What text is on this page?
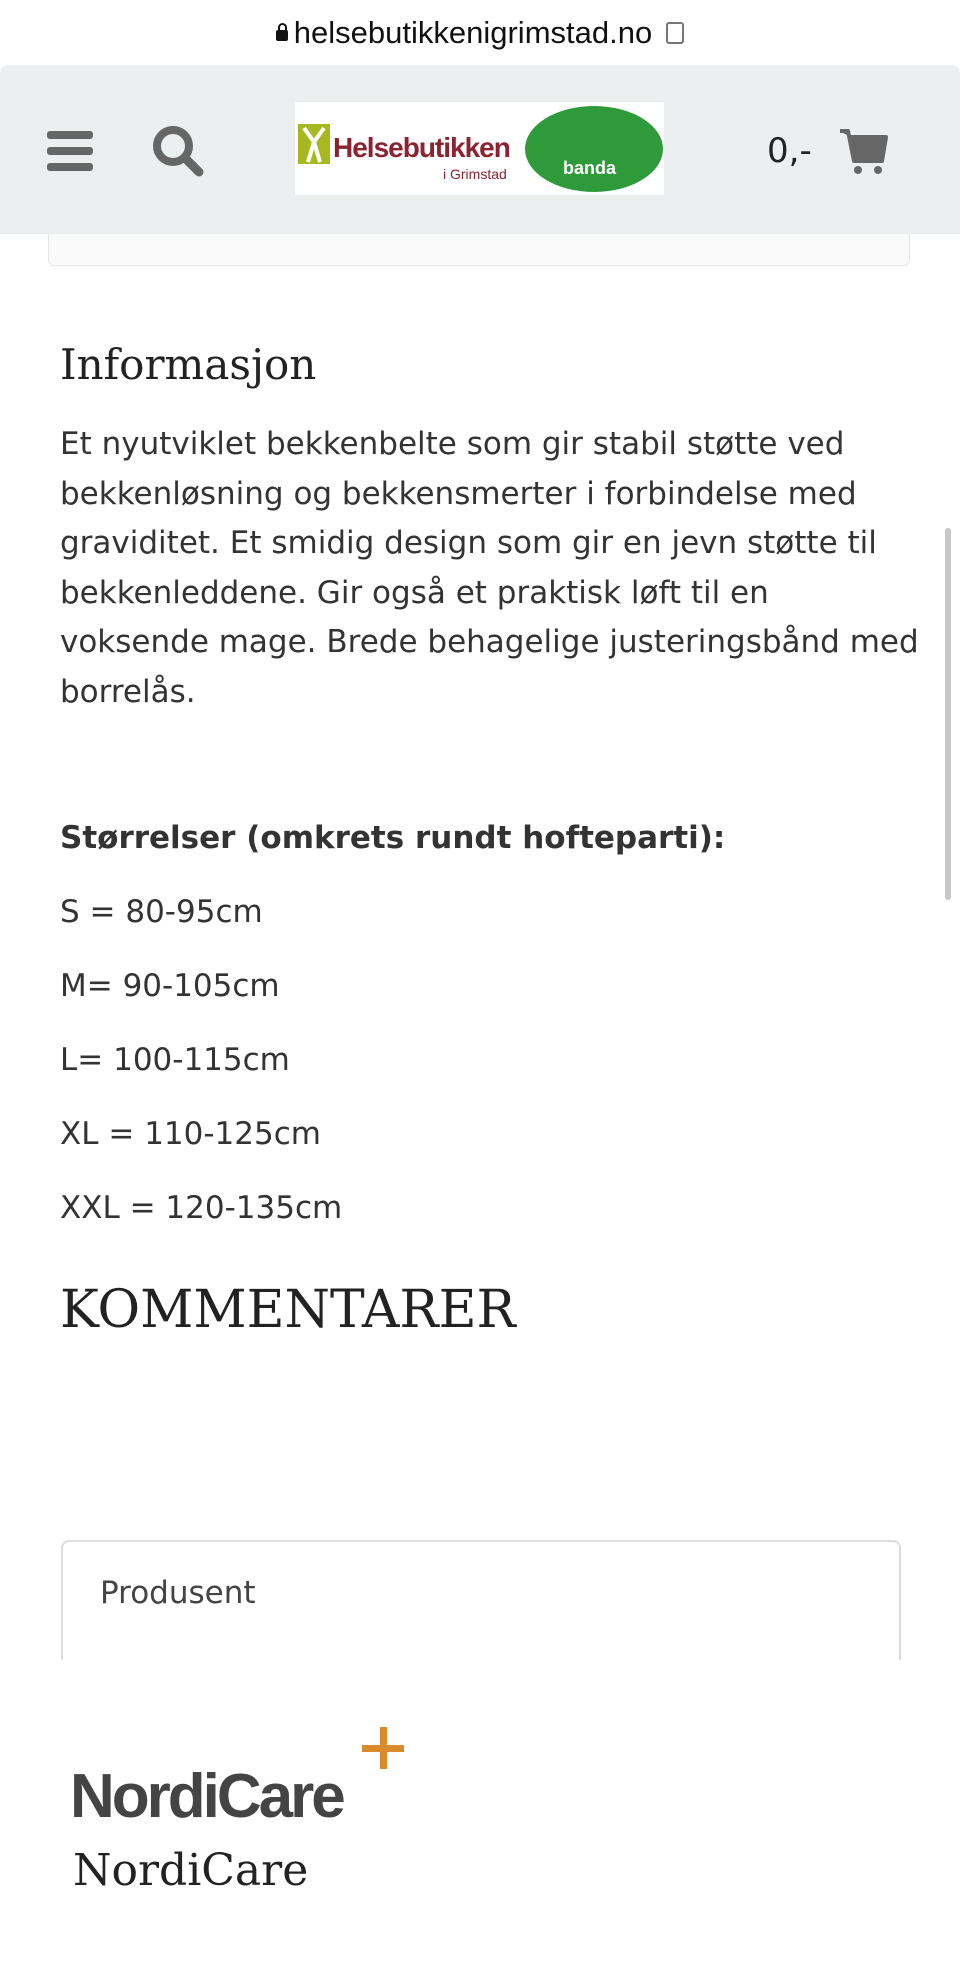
helsebutikkenigrimstad.no
0,-
Helsebutikken
i Grimstad	banda
Informasjon
Et nyutviklet bekkenbelte som gir stabil støtte ved bekkenløsning og bekkensmerter i forbindelse med graviditet. Et smidig design som gir en jevn støtte til bekkenleddene. Gir også et praktisk løft til en voksende mage. Brede behagelige justeringsbånd med borrelås.
Størrelser (omkrets rundt hofteparti):
S = 80-95cm
M= 90-105cm
L= 100-115cm
XL = 110-125cm
XXL = 120-135cm
KOMMENTARER
Produsent
NordiCare
NordiCare
